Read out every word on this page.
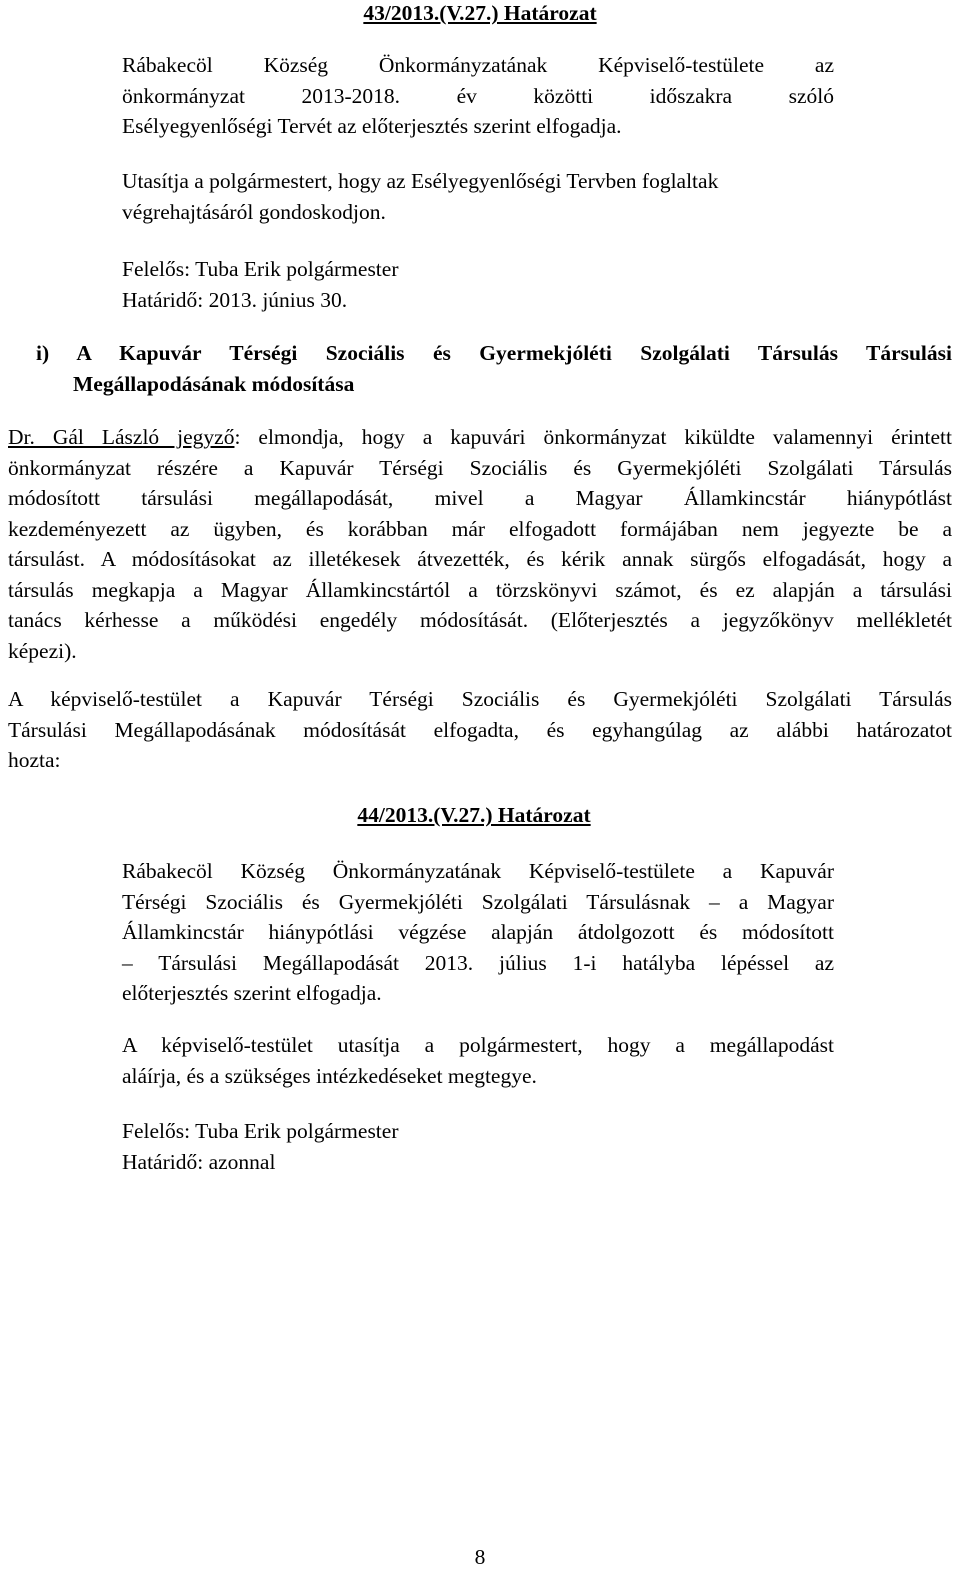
43/2013.(V.27.) Határozat
Rábakecöl Község Önkormányzatának Képviselő-testülete az
önkormányzat 2013-2018. év közötti időszakra szóló
Esélyegyenlőségi Tervét az előterjesztés szerint elfogadja.
Utasítja a polgármestert, hogy az Esélyegyenlőségi Tervben foglaltak
végrehajtásáról gondoskodjon.
Felelős: Tuba Erik polgármester
Határidő: 2013. június 30.
i) A Kapuvár Térségi Szociális és Gyermekjóléti Szolgálati Társulás Társulási
Megállapodásának módosítása
Dr. Gál László jegyző: elmondja, hogy a kapuvári önkormányzat kiküldte valamennyi érintett
önkormányzat részére a Kapuvár Térségi Szociális és Gyermekjóléti Szolgálati Társulás
módosított társulási megállapodását, mivel a Magyar Államkincstár hiánypótlást
kezdeményezett az ügyben, és korábban már elfogadott formájában nem jegyezte be a
társulást. A módosításokat az illetékesek átvezették, és kérik annak sürgős elfogadását, hogy a
társulás megkapja a Magyar Államkincstártól a törzskönyvi számot, és ez alapján a társulási
tanács kérhesse a működési engedély módosítását. (Előterjesztés a jegyzőkönyv mellékletét
képezi).
A képviselő-testület a Kapuvár Térségi Szociális és Gyermekjóléti Szolgálati Társulás
Társulási Megállapodásának módosítását elfogadta, és egyhangúlag az alábbi határozatot
hozta:
44/2013.(V.27.) Határozat
Rábakecöl Község Önkormányzatának Képviselő-testülete a Kapuvár
Térségi Szociális és Gyermekjóléti Szolgálati Társulásnak – a Magyar
Államkincstár hiánypótlási végzése alapján átdolgozott és módosított
– Társulási Megállapodását 2013. július 1-i hatályba lépéssel az
előterjesztés szerint elfogadja.
A képviselő-testület utasítja a polgármestert, hogy a megállapodást
aláírja, és a szükséges intézkedéseket megtegye.
Felelős: Tuba Erik polgármester
Határidő: azonnal
8
